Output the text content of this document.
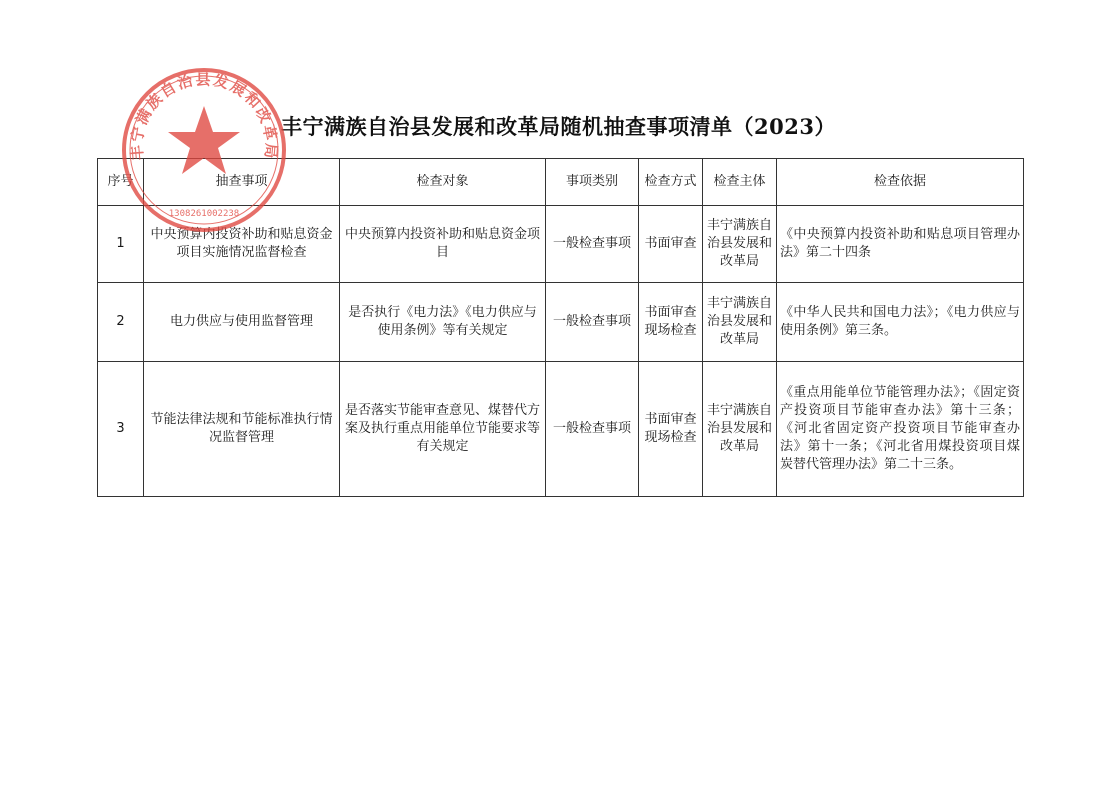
丰宁满族自治县发展和改革局随机抽查事项清单（2023）
序号	抽查事项	检查对象	事项类别	检查方式	检查主体	检查依据
1	中央预算内投资补助和贴息资金项目实施情况监督检查	中央预算内投资补助和贴息资金项目	一般检查事项	书面审查	丰宁满族自治县发展和改革局	《中央预算内投资补助和贴息项目管理办法》第二十四条
2	电力供应与使用监督管理	是否执行《电力法》《电力供应与使用条例》等有关规定	一般检查事项	书面审查现场检查	丰宁满族自治县发展和改革局	《中华人民共和国电力法》；《电力供应与使用条例》第三条。
3	节能法律法规和节能标准执行情况监督管理	是否落实节能审查意见、煤替代方案及执行重点用能单位节能要求等有关规定	一般检查事项	书面审查现场检查	丰宁满族自治县发展和改革局	《重点用能单位节能管理办法》；《固定资产投资项目节能审查办法》第十三条；《河北省固定资产投资项目节能审查办法》第十一条；《河北省用煤投资项目煤炭替代管理办法》第二十三条。
丰宁满族自治县发展和改革局
1308261002238
